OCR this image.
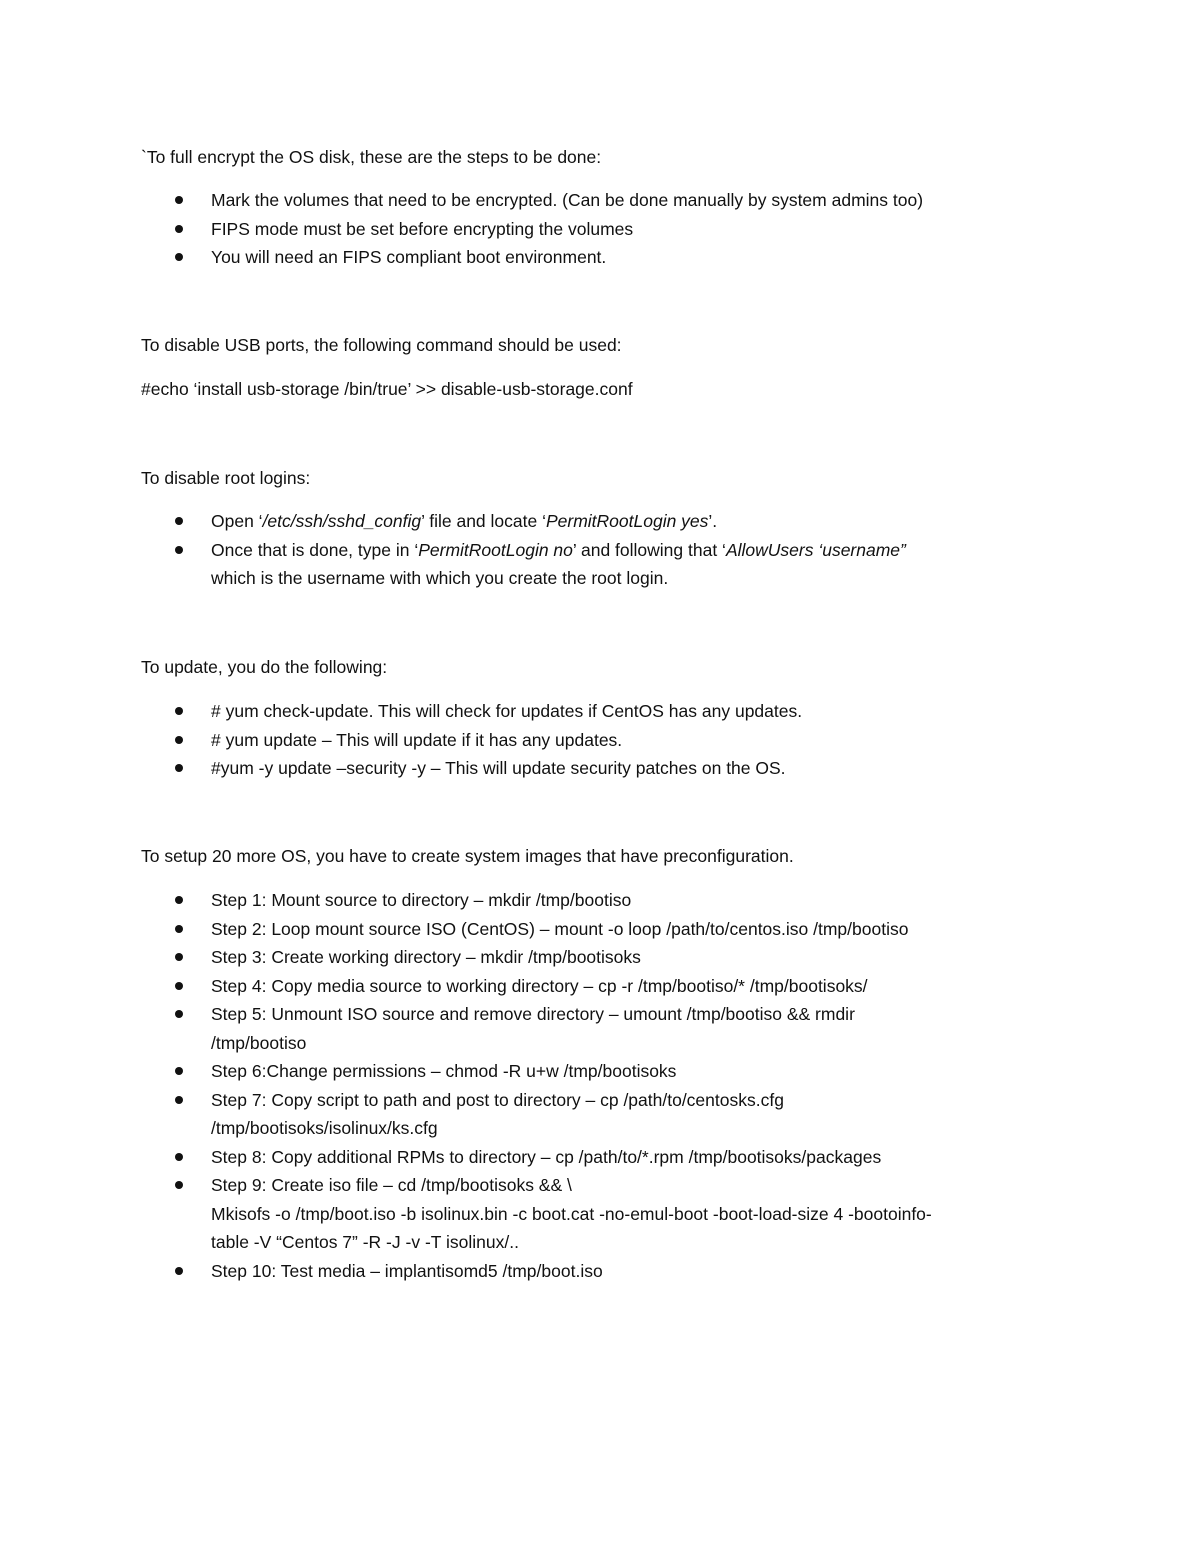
`To full encrypt the OS disk, these are the steps to be done:
Mark the volumes that need to be encrypted. (Can be done manually by system admins too)
FIPS mode must be set before encrypting the volumes
You will need an FIPS compliant boot environment.
To disable USB ports, the following command should be used:
#echo ‘install usb-storage /bin/true’ >> disable-usb-storage.conf
To disable root logins:
Open ‘/etc/ssh/sshd_config’ file and locate ‘PermitRootLogin yes’.
Once that is done, type in ‘PermitRootLogin no’ and following that ‘AllowUsers ‘username”
which is the username with which you create the root login.
To update, you do the following:
# yum check-update. This will check for updates if CentOS has any updates.
# yum update – This will update if it has any updates.
#yum -y update –security -y – This will update security patches on the OS.
To setup 20 more OS, you have to create system images that have preconfiguration.
Step 1: Mount source to directory – mkdir /tmp/bootiso
Step 2: Loop mount source ISO (CentOS) – mount -o loop /path/to/centos.iso /tmp/bootiso
Step 3: Create working directory – mkdir /tmp/bootisoks
Step 4: Copy media source to working directory – cp -r /tmp/bootiso/* /tmp/bootisoks/
Step 5: Unmount ISO source and remove directory – umount /tmp/bootiso && rmdir
/tmp/bootiso
Step 6:Change permissions – chmod -R u+w /tmp/bootisoks
Step 7: Copy script to path and post to directory – cp /path/to/centosks.cfg
/tmp/bootisoks/isolinux/ks.cfg
Step 8: Copy additional RPMs to directory – cp /path/to/*.rpm /tmp/bootisoks/packages
Step 9: Create iso file – cd /tmp/bootisoks && \
Mkisofs -o /tmp/boot.iso -b isolinux.bin -c boot.cat -no-emul-boot -boot-load-size 4 -bootoinfo-
table -V “Centos 7” -R -J -v -T isolinux/..
Step 10: Test media – implantisomd5 /tmp/boot.iso
